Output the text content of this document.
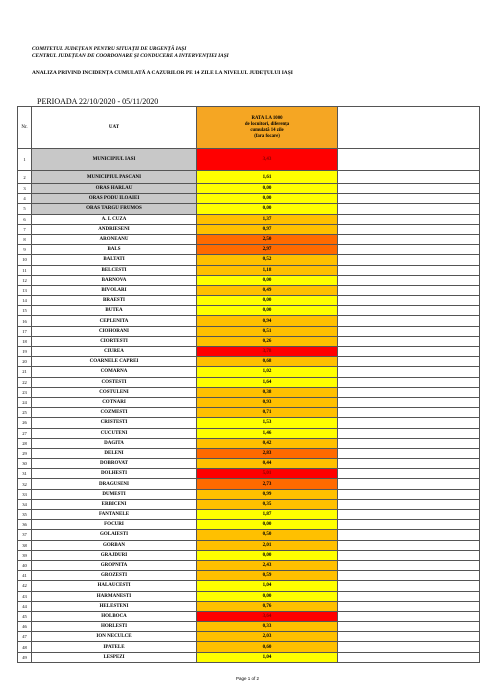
COMITETUL JUDEȚEAN PENTRU SITUAȚII DE URGENȚĂ IAȘI
CENTRUL JUDEȚEAN DE COORDONARE ȘI CONDUCERE A INTERVENȚIEI IAȘI
ANALIZA PRIVIND INCIDENȚA CUMULATĂ A CAZURILOR PE 14 ZILE LA NIVELUL JUDEȚULUI IAȘI
PERIOADA 22/10/2020 - 05/11/2020
Nr.	UAT	RATA LA 1000
de locuitori, diferența
cumulată 14 zile
(fara focare)	

1	MUNICIPIUL IASI	3,43	
2	MUNICIPIUL PASCANI	1,61	
3	ORAS HARLAU	0,00	
4	ORAS PODU ILOAIEI	0,00	
5	ORAS TARGU FRUMOS	0,00	
6	A. I. CUZA	1,37	
7	ANDRIESENI	0,97	
8	ARONEANU	2,50	
9	BALS	2,97	
10	BALTATI	0,52	
11	BELCESTI	1,18	
12	BARNOVA	0,00	
13	BIVOLARI	0,49	
14	BRAESTI	0,00	
15	BUTEA	0,00	
16	CEPLENITA	0,94	
17	CIOHORANI	0,51	
18	CIORTESTI	0,26	
19	CIUREA	3,78	
20	COARNELE CAPREI	0,68	
21	COMARNA	1,02	
22	COSTESTI	1,64	
23	COSTULENI	0,38	
24	COTNARI	0,93	
25	COZMESTI	0,71	
26	CRISTESTI	1,53	
27	CUCUTENI	1,46	
28	DAGITA	0,42	
29	DELENI	2,83	
30	DOBROVAT	0,44	
31	DOLHESTI	5,01	
32	DRAGUSENI	2,73	
33	DUMESTI	0,99	
34	ERBICENI	0,35	
35	FANTANELE	1,87	
36	FOCURI	0,00	
37	GOLAIESTI	0,50	
38	GORBAN	2,01	
39	GRAJDURI	0,00	
40	GROPNITA	2,43	
41	GROZESTI	0,59	
42	HALAUCESTI	1,04	
43	HARMANESTI	0,00	
44	HELESTENI	0,76	
45	HOLBOCA	3,64	
46	HORLESTI	0,33	
47	ION NECULCE	2,03	
48	IPATELE	0,60	
49	LESPEZI	1,04	
Page 1 of 2
